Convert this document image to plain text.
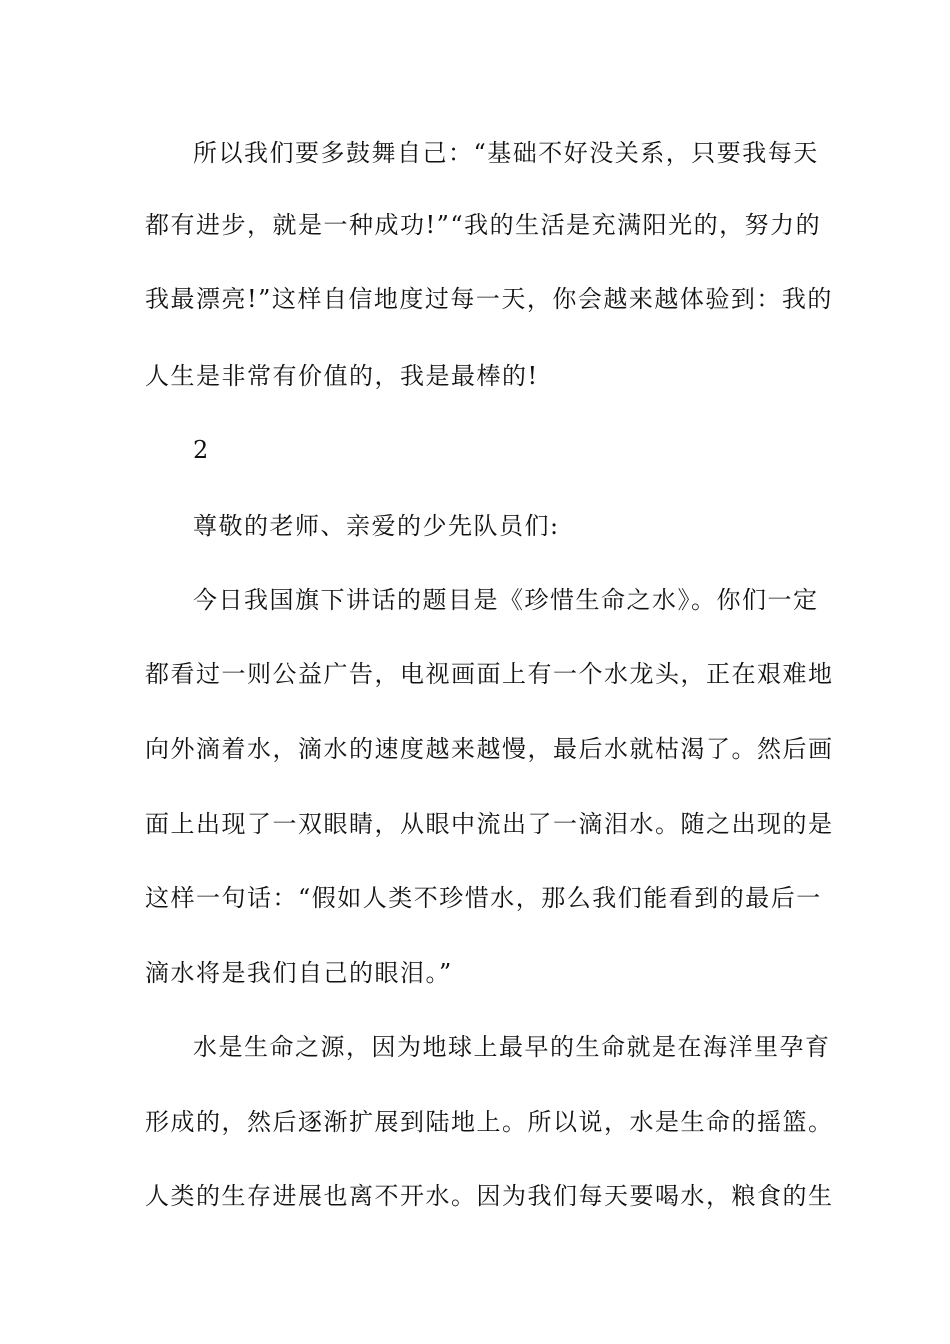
所以我们要多鼓舞自己：“基础不好没关系，只要我每天
都有进步，就是一种成功!”“我的生活是充满阳光的，努力的
我最漂亮!”这样自信地度过每一天，你会越来越体验到：我的
人生是非常有价值的，我是最棒的!
2
尊敬的老师、亲爱的少先队员们:
今日我国旗下讲话的题目是《珍惜生命之水》。你们一定
都看过一则公益广告，电视画面上有一个水龙头，正在艰难地
向外滴着水，滴水的速度越来越慢，最后水就枯渴了。然后画
面上出现了一双眼睛，从眼中流出了一滴泪水。随之出现的是
这样一句话：“假如人类不珍惜水，那么我们能看到的最后一
滴水将是我们自己的眼泪。”
水是生命之源，因为地球上最早的生命就是在海洋里孕育
形成的，然后逐渐扩展到陆地上。所以说，水是生命的摇篮。
人类的生存进展也离不开水。因为我们每天要喝水，粮食的生
